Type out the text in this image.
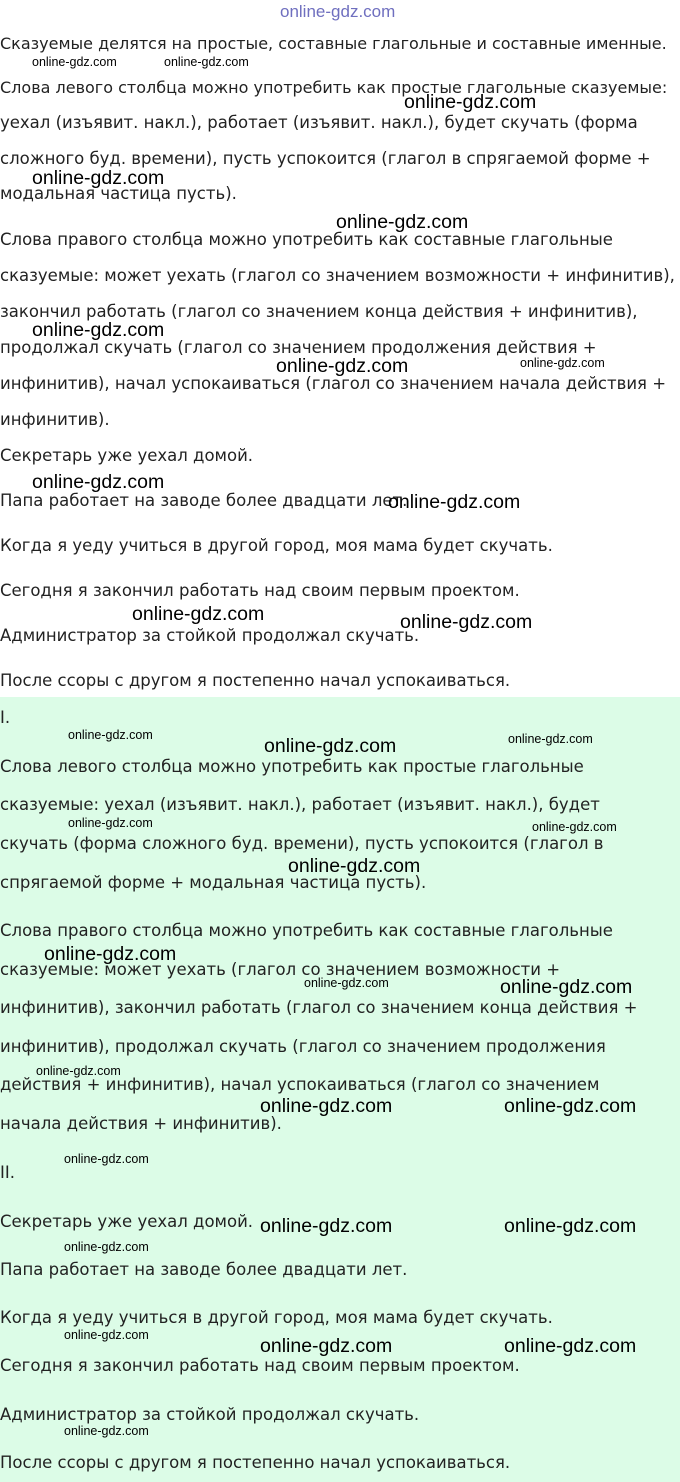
online-gdz.com
Сказуемые делятся на простые, составные глагольные и составные именные.
Слова левого столбца можно употребить как простые глагольные сказуемые:
уехал (изъявит. накл.), работает (изъявит. накл.), будет скучать (форма
сложного буд. времени), пусть успокоится (глагол в спрягаемой форме +
модальная частица пусть).
Слова правого столбца можно употребить как составные глагольные
сказуемые: может уехать (глагол со значением возможности + инфинитив),
закончил работать (глагол со значением конца действия + инфинитив),
продолжал скучать (глагол со значением продолжения действия +
инфинитив), начал успокаиваться (глагол со значением начала действия +
инфинитив).
Секретарь уже уехал домой.
Папа работает на заводе более двадцати лет.
Когда я уеду учиться в другой город, моя мама будет скучать.
Сегодня я закончил работать над своим первым проектом.
Администратор за стойкой продолжал скучать.
После ссоры с другом я постепенно начал успокаиваться.
I.
Слова левого столбца можно употребить как простые глагольные
сказуемые: уехал (изъявит. накл.), работает (изъявит. накл.), будет
скучать (форма сложного буд. времени), пусть успокоится (глагол в
спрягаемой форме + модальная частица пусть).
Слова правого столбца можно употребить как составные глагольные
сказуемые: может уехать (глагол со значением возможности +
инфинитив), закончил работать (глагол со значением конца действия +
инфинитив), продолжал скучать (глагол со значением продолжения
действия + инфинитив), начал успокаиваться (глагол со значением
начала действия + инфинитив).
II.
Секретарь уже уехал домой.
Папа работает на заводе более двадцати лет.
Когда я уеду учиться в другой город, моя мама будет скучать.
Сегодня я закончил работать над своим первым проектом.
Администратор за стойкой продолжал скучать.
После ссоры с другом я постепенно начал успокаиваться.
online-gdz.com	online-gdz.com
online-gdz.com
online-gdz.com
online-gdz.com
online-gdz.com
online-gdz.com
online-gdz.com
online-gdz.com
online-gdz.com
online-gdz.com	online-gdz.com
online-gdz.com	online-gdz.com
online-gdz.com
online-gdz.com	online-gdz.com
online-gdz.com
online-gdz.com
online-gdz.com	online-gdz.com
online-gdz.com
online-gdz.com	online-gdz.com
online-gdz.com
online-gdz.com	online-gdz.com
online-gdz.com
online-gdz.com	online-gdz.com	online-gdz.com
online-gdz.com
